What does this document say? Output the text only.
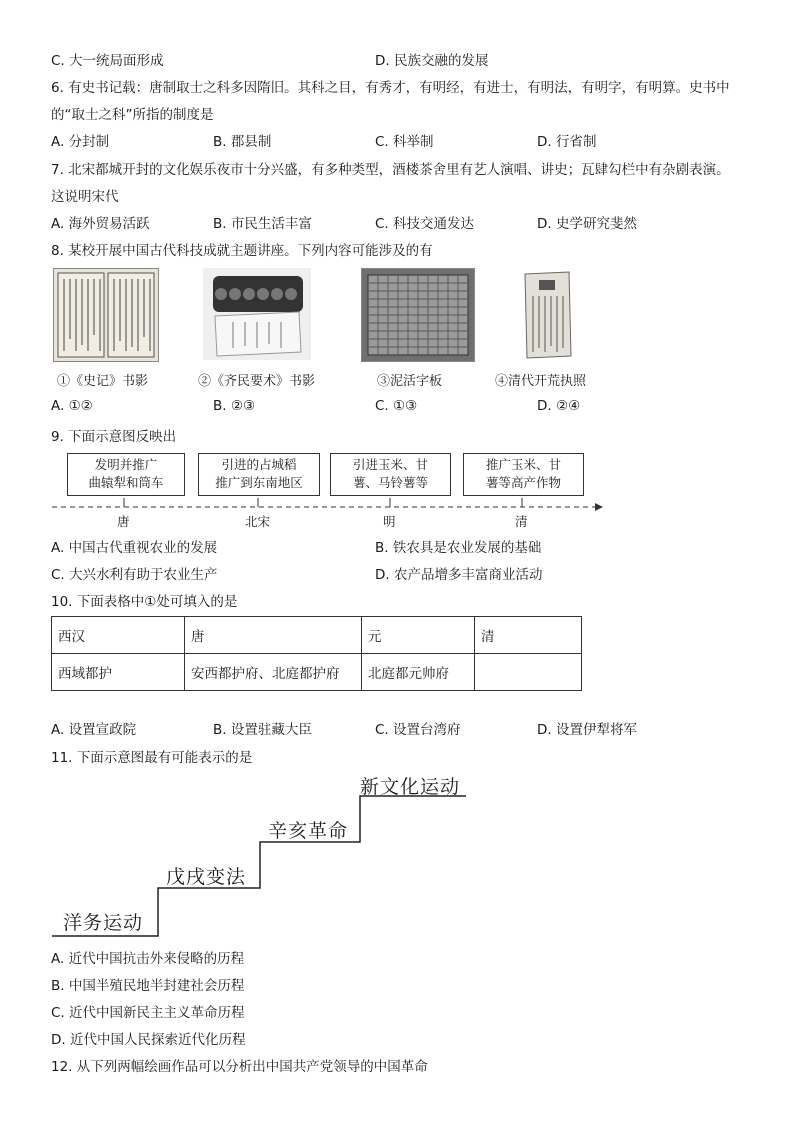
C. 大一统局面形成	D. 民族交融的发展
6. 有史书记载：唐制取士之科多因隋旧。其科之目，有秀才，有明经，有进士，有明法，有明字，有明算。史书中
的“取士之科”所指的制度是
A. 分封制	B. 郡县制	C. 科举制	D. 行省制
7. 北宋都城开封的文化娱乐夜市十分兴盛，有多种类型，酒楼茶舍里有艺人演唱、讲史；瓦肆勾栏中有杂剧表演。
这说明宋代
A. 海外贸易活跃	B. 市民生活丰富	C. 科技交通发达	D. 史学研究斐然
8. 某校开展中国古代科技成就主题讲座。下列内容可能涉及的有
①《史记》书影	②《齐民要术》书影	③泥活字板	④清代开荒执照
A. ①②	B. ②③	C. ①③	D. ②④
9. 下面示意图反映出
发明并推广
曲辕犁和筒车
引进的占城稻
推广到东南地区
引进玉米、甘
薯、马铃薯等
推广玉米、甘
薯等高产作物
唐	北宋	明	清
A. 中国古代重视农业的发展	B. 铁农具是农业发展的基础
C. 大兴水利有助于农业生产	D. 农产品增多丰富商业活动
10. 下面表格中①处可填入的是
西汉	唐	元	清
西域都护	安西都护府、北庭都护府	北庭都元帅府	
A. 设置宣政院	B. 设置驻藏大臣	C. 设置台湾府	D. 设置伊犁将军
11. 下面示意图最有可能表示的是
洋务运动
戊戌变法
辛亥革命
新文化运动
A. 近代中国抗击外来侵略的历程
B. 中国半殖民地半封建社会历程
C. 近代中国新民主主义革命历程
D. 近代中国人民探索近代化历程
12. 从下列两幅绘画作品可以分析出中国共产党领导的中国革命
